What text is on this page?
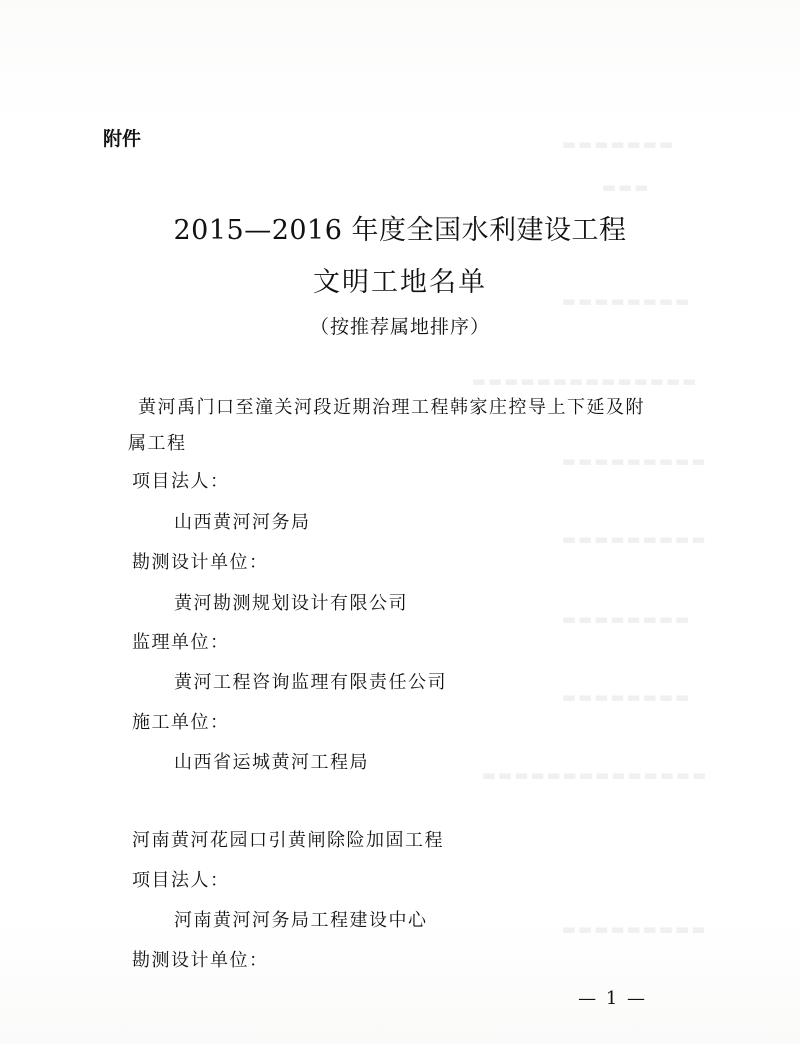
▬▬▬▬▬▬▬
▬▬▬
▬▬▬▬▬▬▬▬
▬▬▬▬▬▬▬▬▬▬▬▬▬▬
▬▬▬▬▬▬▬▬▬
▬▬▬▬▬▬▬▬▬
▬▬▬▬▬▬▬▬
▬▬▬▬▬▬▬▬
▬▬▬▬▬▬▬▬▬▬▬▬▬▬
▬▬▬▬▬▬▬▬▬
附件
2015—2016 年度全国水利建设工程
文明工地名单
（按推荐属地排序）
黄河禹门口至潼关河段近期治理工程韩家庄控导上下延及附
属工程
项目法人：
山西黄河河务局
勘测设计单位：
黄河勘测规划设计有限公司
监理单位：
黄河工程咨询监理有限责任公司
施工单位：
山西省运城黄河工程局
河南黄河花园口引黄闸除险加固工程
项目法人：
河南黄河河务局工程建设中心
勘测设计单位：
— 1 —
